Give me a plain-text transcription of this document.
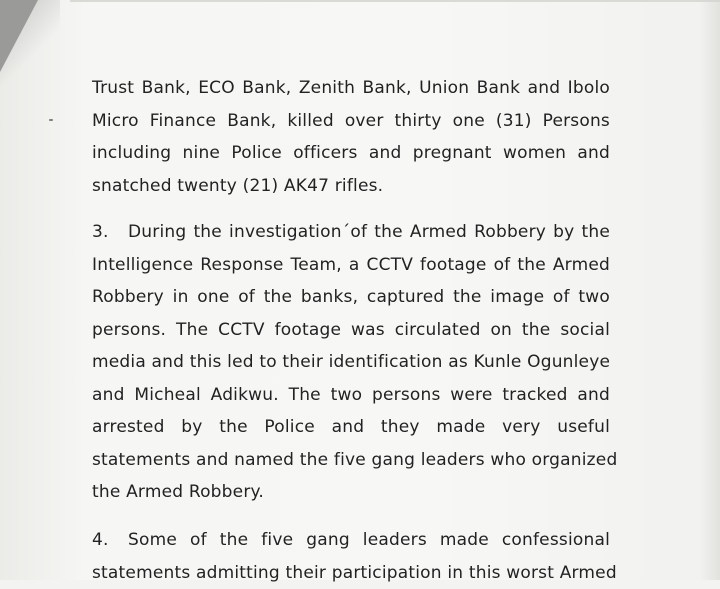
Trust Bank, ECO Bank, Zenith Bank, Union Bank and Ibolo
Micro Finance Bank, killed over thirty one (31) Persons
including nine Police officers and pregnant women and
snatched twenty (21) AK47 rifles.
3. During the investigation´of the Armed Robbery by the
Intelligence Response Team, a CCTV footage of the Armed
Robbery in one of the banks, captured the image of two
persons. The CCTV footage was circulated on the social
media and this led to their identification as Kunle Ogunleye
and Micheal Adikwu. The two persons were tracked and
arrested by the Police and they made very useful
statements and named the five gang leaders who organized
the Armed Robbery.
4. Some of the five gang leaders made confessional
statements admitting their participation in this worst Armed
